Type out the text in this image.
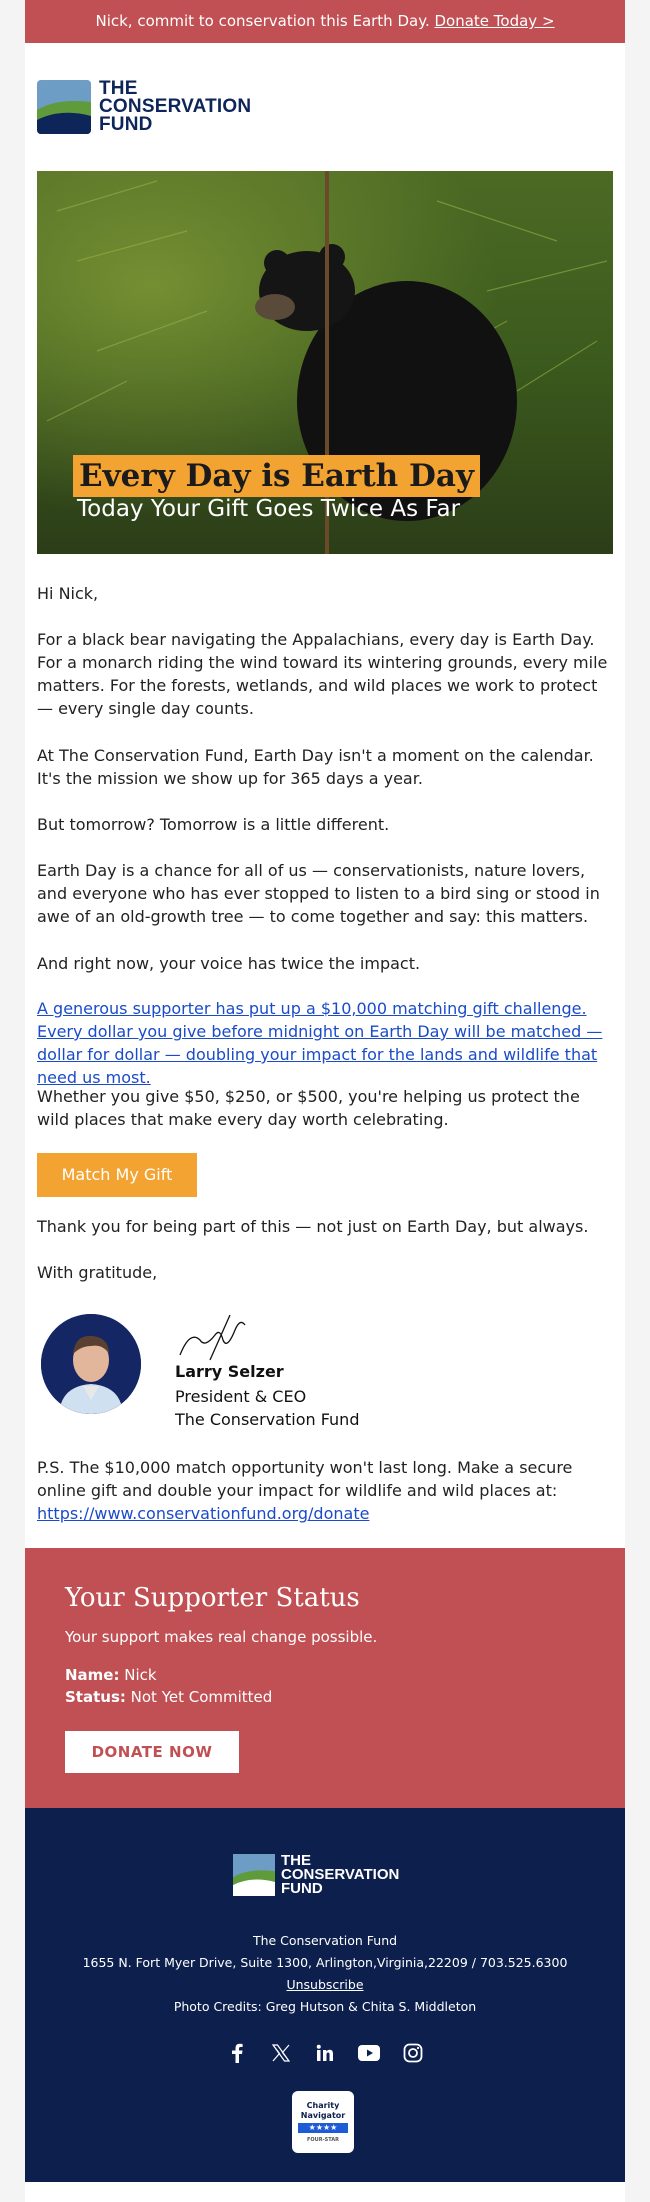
Nick, commit to conservation this Earth Day. Donate Today >
THE
CONSERVATION
FUND
Every Day is Earth Day
Today Your Gift Goes Twice As Far
Hi Nick,
For a black bear navigating the Appalachians, every day is Earth Day. For a monarch riding the wind toward its wintering grounds, every mile matters. For the forests, wetlands, and wild places we work to protect — every single day counts.
At The Conservation Fund, Earth Day isn't a moment on the calendar. It's the mission we show up for 365 days a year.
But tomorrow? Tomorrow is a little different.
Earth Day is a chance for all of us — conservationists, nature lovers, and everyone who has ever stopped to listen to a bird sing or stood in awe of an old-growth tree — to come together and say: this matters.
And right now, your voice has twice the impact.
A generous supporter has put up a $10,000 matching gift challenge. Every dollar you give before midnight on Earth Day will be matched — dollar for dollar — doubling your impact for the lands and wildlife that need us most.
Whether you give $50, $250, or $500, you're helping us protect the wild places that make every day worth celebrating.
Match My Gift
Thank you for being part of this — not just on Earth Day, but always.
With gratitude,
Larry Selzer
President & CEO
The Conservation Fund
P.S. The $10,000 match opportunity won't last long. Make a secure online gift and double your impact for wildlife and wild places at: https://www.conservationfund.org/donate
Your Supporter Status
Your support makes real change possible.
Name: Nick
Status: Not Yet Committed
DONATE NOW
THE
CONSERVATION
FUND
The Conservation Fund
1655 N. Fort Myer Drive, Suite 1300, Arlington,Virginia,22209 / 703.525.6300
Unsubscribe
Photo Credits: Greg Hutson & Chita S. Middleton
Charity
Navigator
★★★★
FOUR-STAR
